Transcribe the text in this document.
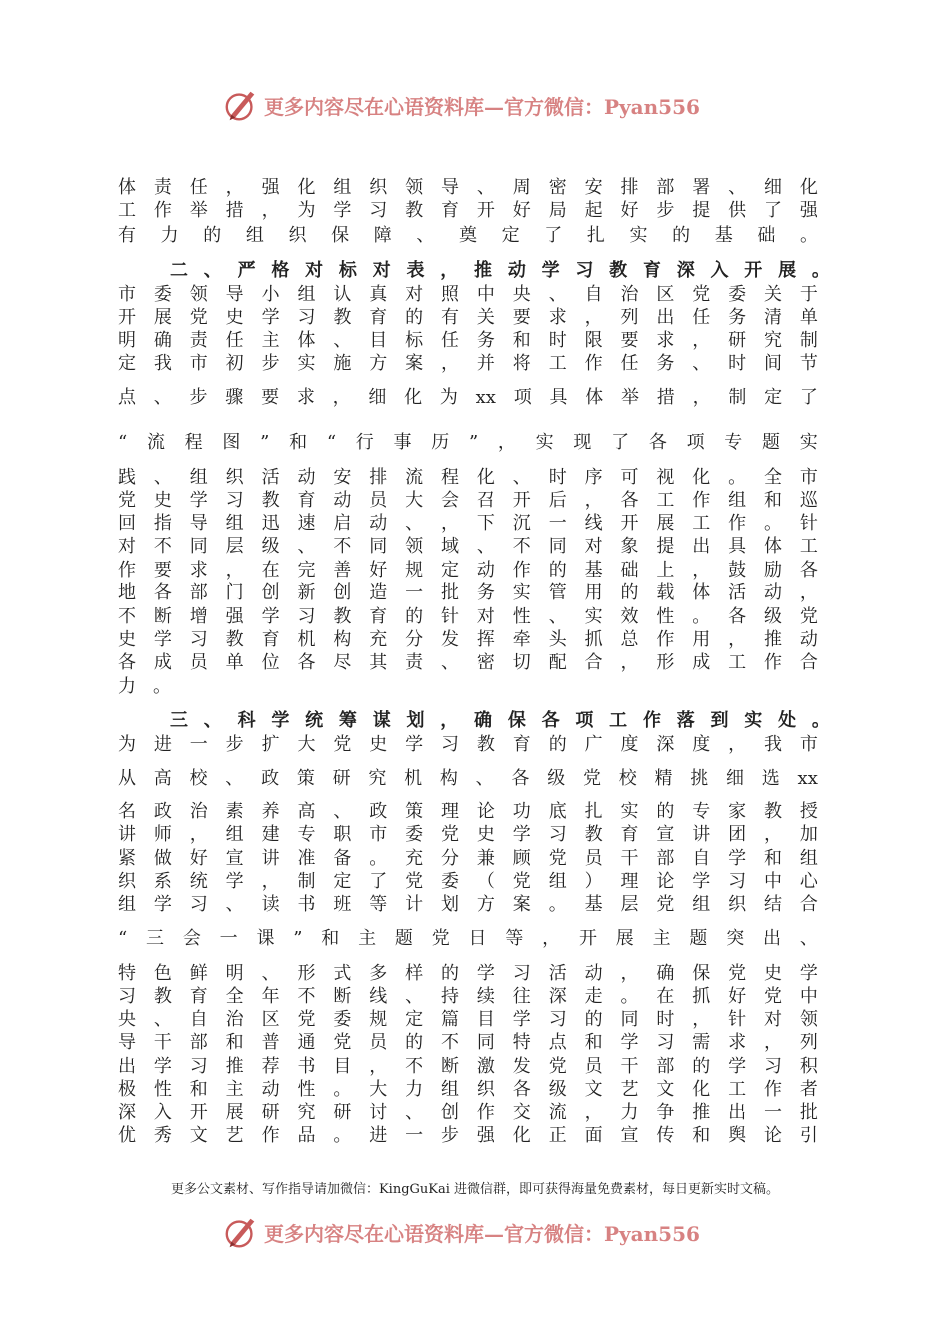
更多内容尽在心语资料库—官方微信：Pyan556
体 责 任 ， 强 化 组 织 领 导 、 周 密 安 排 部 署 、 细 化
工 作 举 措 ， 为 学 习 教 育 开 好 局 起 好 步 提 供 了 强
有 力 的 组 织 保 障 、 奠 定 了 扎 实 的 基 础 。
二 、 严 格 对 标 对 表 ， 推 动 学 习 教 育 深 入 开 展 。
市 委 领 导 小 组 认 真 对 照 中 央 、 自 治 区 党 委 关 于
开 展 党 史 学 习 教 育 的 有 关 要 求 ， 列 出 任 务 清 单
明 确 责 任 主 体 、 目 标 任 务 和 时 限 要 求 ， 研 究 制
定 我 市 初 步 实 施 方 案 ， 并 将 工 作 任 务 、 时 间 节
点 、 步 骤 要 求 ， 细 化 为 xx 项 具 体 举 措 ， 制 定 了
“ 流 程 图 ” 和 “ 行 事 历 ” ， 实 现 了 各 项 专 题 实
践 、 组 织 活 动 安 排 流 程 化 、 时 序 可 视 化 。 全 市
党 史 学 习 教 育 动 员 大 会 召 开 后 ， 各 工 作 组 和 巡
回 指 导 组 迅 速 启 动 、 ， 下 沉 一 线 开 展 工 作 。 针
对 不 同 层 级 、 不 同 领 域 、 不 同 对 象 提 出 具 体 工
作 要 求 ， 在 完 善 好 规 定 动 作 的 基 础 上 ， 鼓 励 各
地 各 部 门 创 新 创 造 一 批 务 实 管 用 的 载 体 活 动 ，
不 断 增 强 学 习 教 育 的 针 对 性 、 实 效 性 。 各 级 党
史 学 习 教 育 机 构 充 分 发 挥 牵 头 抓 总 作 用 ， 推 动
各 成 员 单 位 各 尽 其 责 、 密 切 配 合 ， 形 成 工 作 合
力 。
三 、 科 学 统 筹 谋 划 ， 确 保 各 项 工 作 落 到 实 处 。
为 进 一 步 扩 大 党 史 学 习 教 育 的 广 度 深 度 ， 我 市
从 高 校 、 政 策 研 究 机 构 、 各 级 党 校 精 挑 细 选 xx
名 政 治 素 养 高 、 政 策 理 论 功 底 扎 实 的 专 家 教 授
讲 师 ， 组 建 专 职 市 委 党 史 学 习 教 育 宣 讲 团 ， 加
紧 做 好 宣 讲 准 备 。 充 分 兼 顾 党 员 干 部 自 学 和 组
织 系 统 学 ， 制 定 了 党 委 （ 党 组 ） 理 论 学 习 中 心
组 学 习 、 读 书 班 等 计 划 方 案 。 基 层 党 组 织 结 合
“ 三 会 一 课 ” 和 主 题 党 日 等 ， 开 展 主 题 突 出 、
特 色 鲜 明 、 形 式 多 样 的 学 习 活 动 ， 确 保 党 史 学
习 教 育 全 年 不 断 线 、 持 续 往 深 走 。 在 抓 好 党 中
央 、 自 治 区 党 委 规 定 篇 目 学 习 的 同 时 ， 针 对 领
导 干 部 和 普 通 党 员 的 不 同 特 点 和 学 习 需 求 ， 列
出 学 习 推 荐 书 目 ， 不 断 激 发 党 员 干 部 的 学 习 积
极 性 和 主 动 性 。 大 力 组 织 各 级 文 艺 文 化 工 作 者
深 入 开 展 研 究 研 讨 、 创 作 交 流 ， 力 争 推 出 一 批
优 秀 文 艺 作 品 。 进 一 步 强 化 正 面 宣 传 和 舆 论 引
更多公文素材、写作指导请加微信：KingGuKai 进微信群，即可获得海量免费素材，每日更新实时文稿。
更多内容尽在心语资料库—官方微信：Pyan556
